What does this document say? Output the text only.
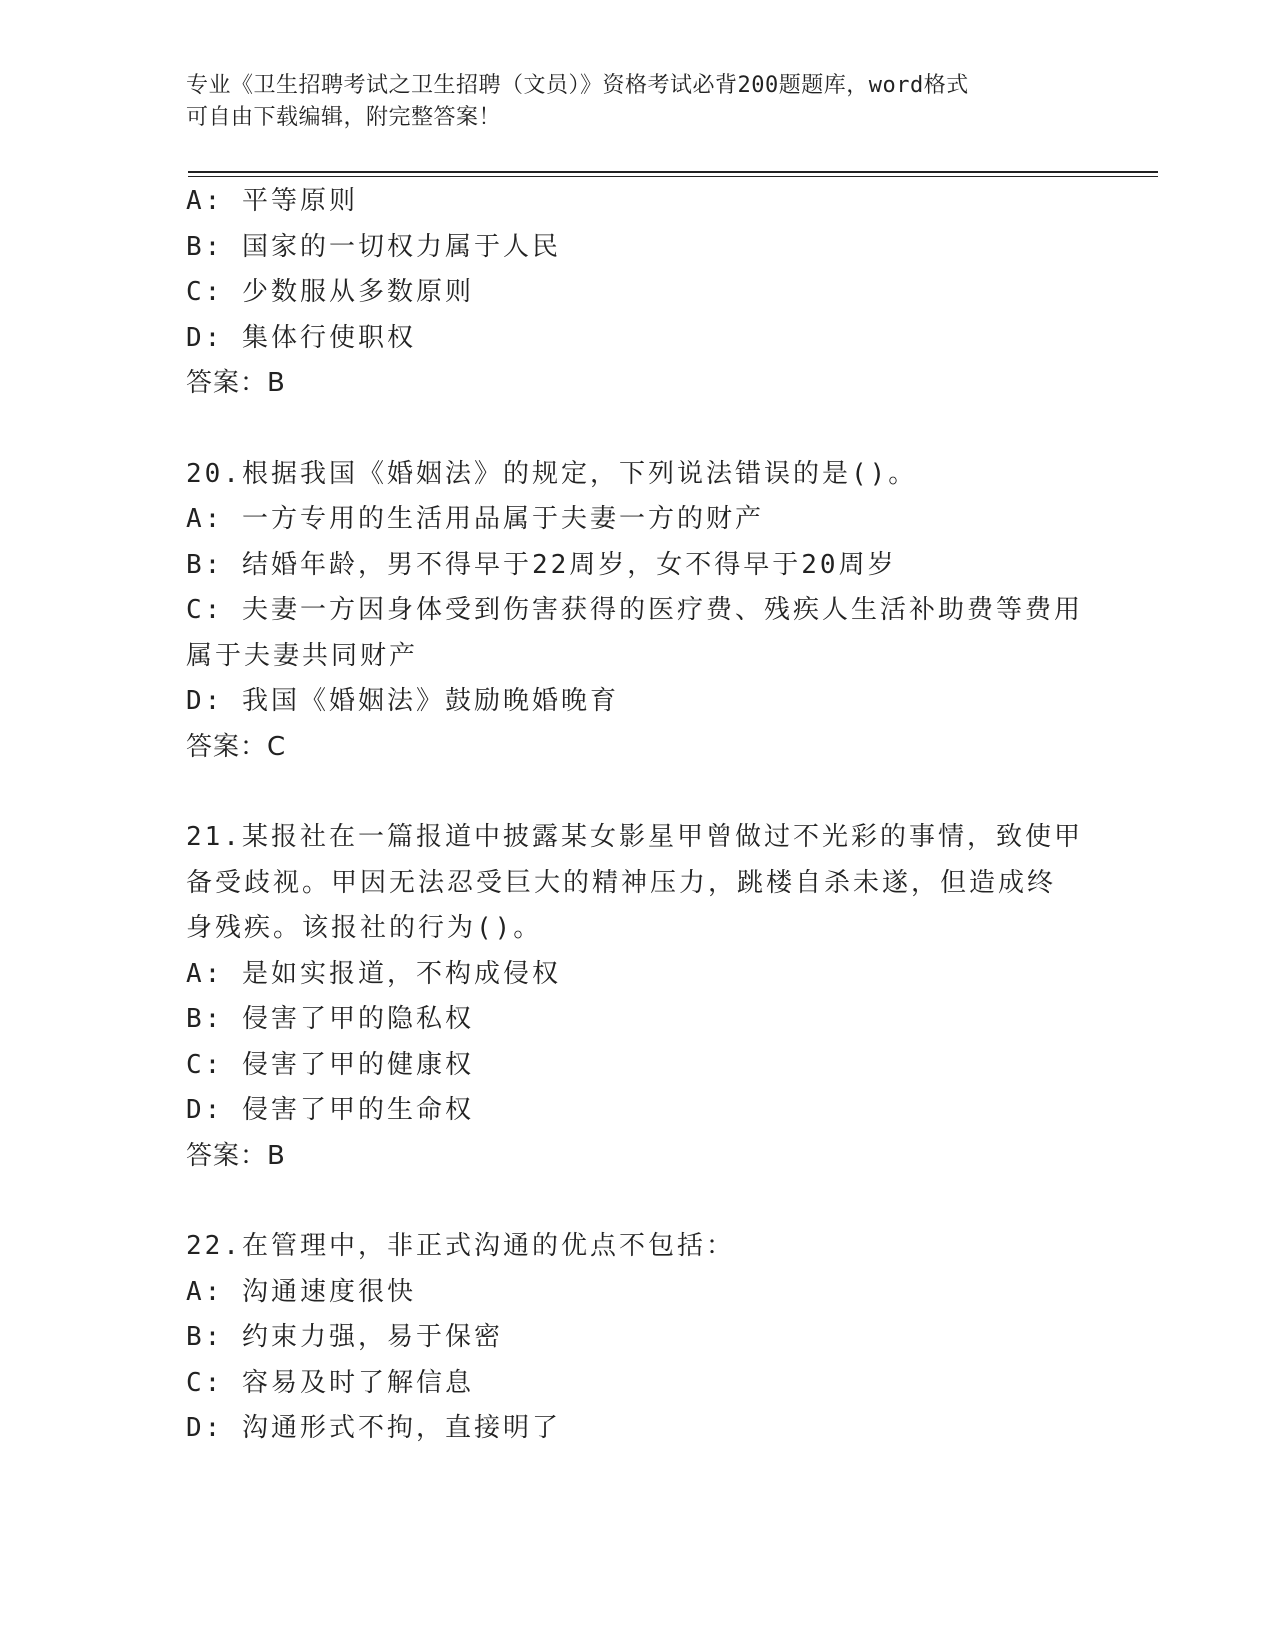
专业《卫生招聘考试之卫生招聘（文员）》资格考试必背200题题库，word格式
可自由下载编辑，附完整答案！
A: 平等原则
B: 国家的一切权力属于人民
C: 少数服从多数原则
D: 集体行使职权
答案：B
20.根据我国《婚姻法》的规定，下列说法错误的是()。
A: 一方专用的生活用品属于夫妻一方的财产
B: 结婚年龄，男不得早于22周岁，女不得早于20周岁
C: 夫妻一方因身体受到伤害获得的医疗费、残疾人生活补助费等费用
属于夫妻共同财产
D: 我国《婚姻法》鼓励晚婚晚育
答案：C
21.某报社在一篇报道中披露某女影星甲曾做过不光彩的事情，致使甲
备受歧视。甲因无法忍受巨大的精神压力，跳楼自杀未遂，但造成终
身残疾。该报社的行为()。
A: 是如实报道，不构成侵权
B: 侵害了甲的隐私权
C: 侵害了甲的健康权
D: 侵害了甲的生命权
答案：B
22.在管理中，非正式沟通的优点不包括：
A: 沟通速度很快
B: 约束力强，易于保密
C: 容易及时了解信息
D: 沟通形式不拘，直接明了
